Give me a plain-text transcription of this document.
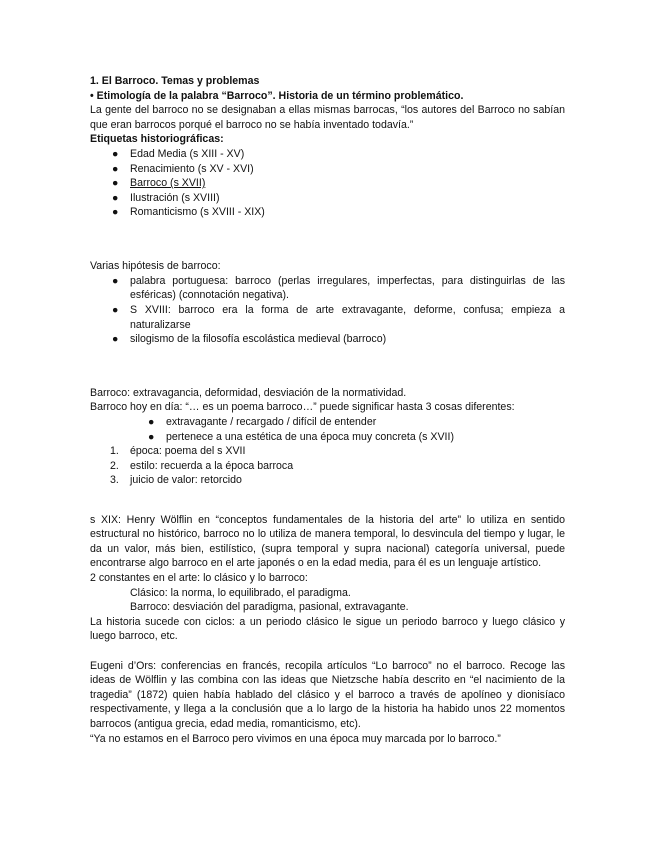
1. El Barroco. Temas y problemas

• Etimología de la palabra “Barroco”. Historia de un término problemático.

La gente del barroco no se designaban a ellas mismas barrocas, “los autores del Barroco no sabían que eran barrocos porqué el barroco no se había inventado todavía.”

Etiquetas historiográficas:

● Edad Media (s XIII - XV)
● Renacimiento (s XV - XVI)
● Barroco (s XVII)
● Ilustración (s XVIII)
● Romanticismo (s XVIII - XIX)

Varias hipótesis de barroco:

● palabra portuguesa: barroco (perlas irregulares, imperfectas, para distinguirlas de las esféricas) (connotación negativa).
● S XVIII: barroco era la forma de arte extravagante, deforme, confusa; empieza a naturalizarse
● silogismo de la filosofía escolástica medieval (barroco)

Barroco: extravagancia, deformidad, desviación de la normatividad.

Barroco hoy en día: “… es un poema barroco…” puede significar hasta 3 cosas diferentes:

● extravagante / recargado / difícil de entender
● pertenece a una estética de una época muy concreta (s XVII)
1. época: poema del s XVII
2. estilo: recuerda a la época barroca
3. juicio de valor: retorcido

s XIX: Henry Wölflin en “conceptos fundamentales de la historia del arte” lo utiliza en sentido estructural no histórico, barroco no lo utiliza de manera temporal, lo desvincula del tiempo y lugar, le da un valor, más bien, estilístico, (supra temporal y supra nacional) categoría universal, puede encontrarse algo barroco en el arte japonés o en la edad media, para él es un lenguaje artístico.

2 constantes en el arte: lo clásico y lo barroco:

Clásico: la norma, lo equilibrado, el paradigma.

Barroco: desviación del paradigma, pasional, extravagante.

La historia sucede con ciclos: a un periodo clásico le sigue un periodo barroco y luego clásico y luego barroco, etc.

Eugeni d’Ors: conferencias en francés, recopila artículos “Lo barroco” no el barroco. Recoge las ideas de Wölflin y las combina con las ideas que Nietzsche había descrito en “el nacimiento de la tragedia” (1872) quien había hablado del clásico y el barroco a través de apolíneo y dionisíaco respectivamente, y llega a la conclusión que a lo largo de la historia ha habido unos 22 momentos barrocos (antigua grecia, edad media, romanticismo, etc).

“Ya no estamos en el Barroco pero vivimos en una época muy marcada por lo barroco.”
